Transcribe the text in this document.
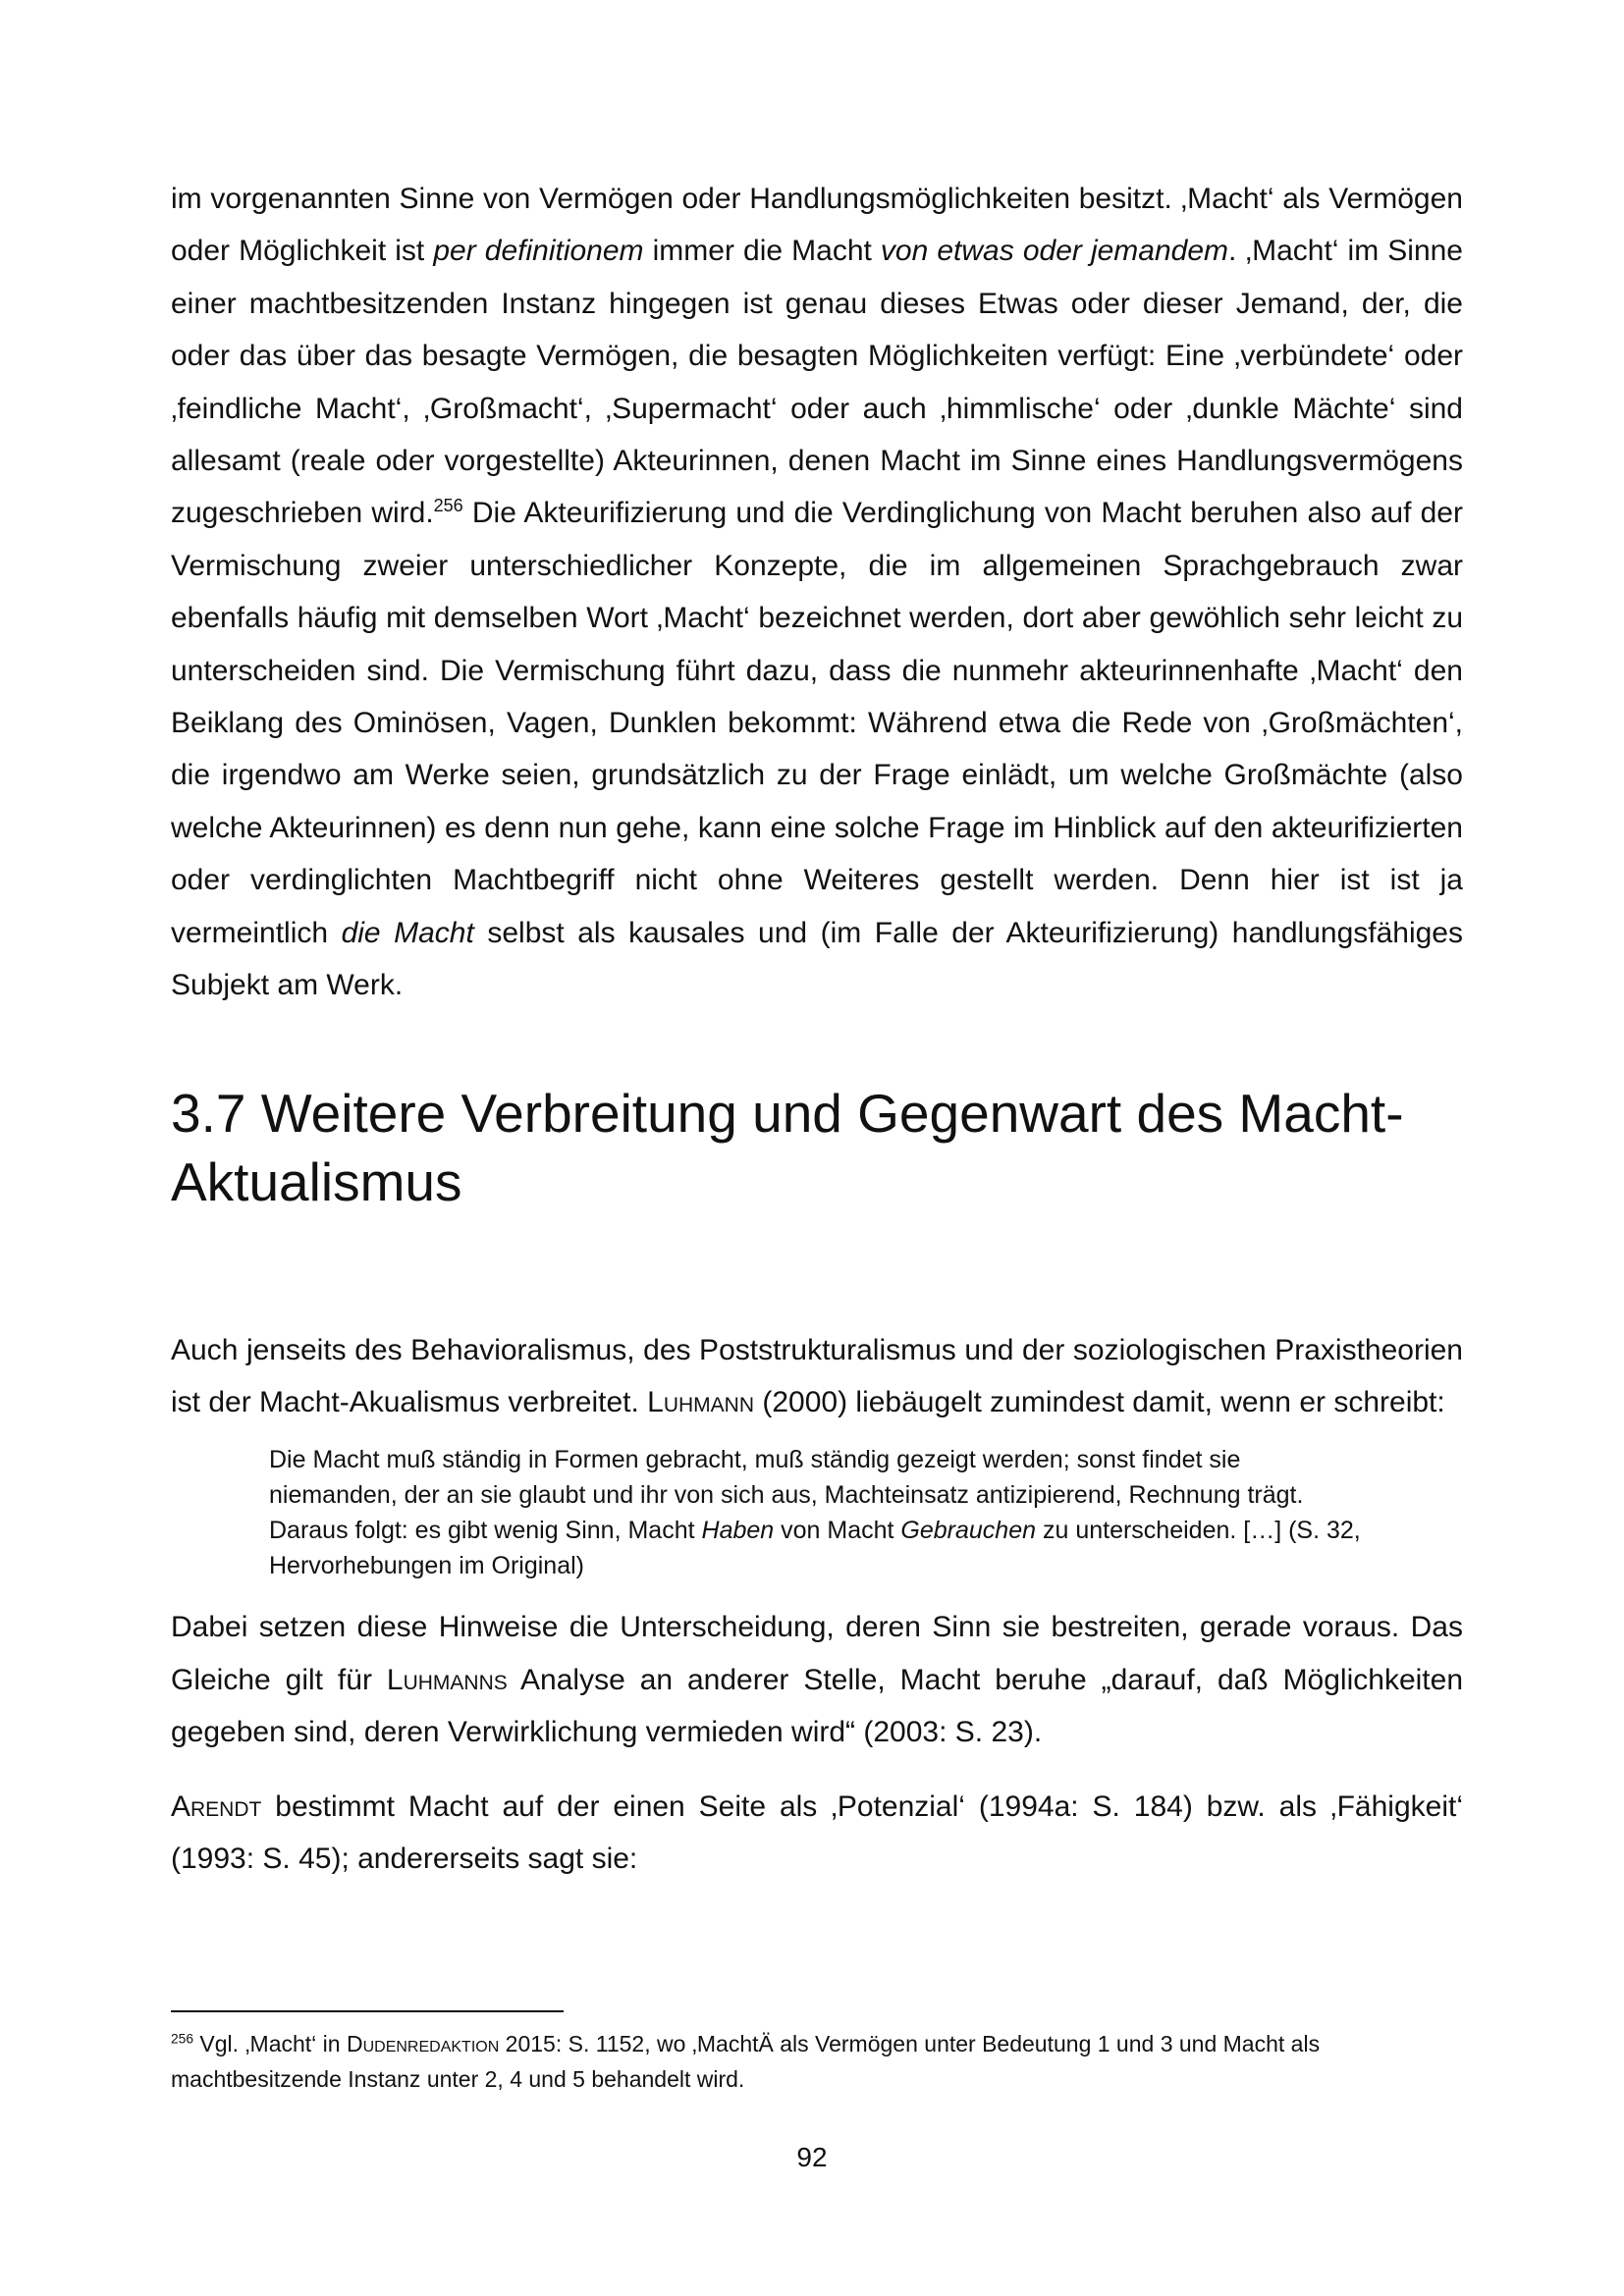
im vorgenannten Sinne von Vermögen oder Handlungsmöglichkeiten besitzt. ‚Macht‘ als Vermögen oder Möglichkeit ist per definitionem immer die Macht von etwas oder jemandem. ‚Macht‘ im Sinne einer machtbesitzenden Instanz hingegen ist genau dieses Etwas oder dieser Jemand, der, die oder das über das besagte Vermögen, die besagten Möglichkeiten verfügt: Eine ‚verbündete‘ oder ‚feindliche Macht‘, ‚Großmacht‘, ‚Supermacht‘ oder auch ‚himmlische‘ oder ‚dunkle Mächte‘ sind allesamt (reale oder vorgestellte) Akteurinnen, denen Macht im Sinne eines Handlungsvermögens zugeschrieben wird.$^{256}$ Die Akteurifizierung und die Verdinglichung von Macht beruhen also auf der Vermischung zweier unterschiedlicher Konzepte, die im allgemeinen Sprachgebrauch zwar ebenfalls häufig mit demselben Wort ‚Macht‘ bezeichnet werden, dort aber gewöhlich sehr leicht zu unterscheiden sind. Die Vermischung führt dazu, dass die nunmehr akteurinnenhafte ‚Macht‘ den Beiklang des Ominösen, Vagen, Dunklen bekommt: Während etwa die Rede von ‚Großmächten‘, die irgendwo am Werke seien, grundsätzlich zu der Frage einlädt, um welche Großmächte (also welche Akteurinnen) es denn nun gehe, kann eine solche Frage im Hinblick auf den akteurifizierten oder verdinglichten Machtbegriff nicht ohne Weiteres gestellt werden. Denn hier ist ist ja vermeintlich die Macht selbst als kausales und (im Falle der Akteurifizierung) handlungsfähiges Subjekt am Werk.

3.7 Weitere Verbreitung und Gegenwart des Macht-Aktualismus

Auch jenseits des Behavioralismus, des Poststrukturalismus und der soziologischen Praxistheorien ist der Macht-Akualismus verbreitet. Luhmann (2000) liebäugelt zumindest damit, wenn er schreibt:

Die Macht muß ständig in Formen gebracht, muß ständig gezeigt werden; sonst findet sie niemanden, der an sie glaubt und ihr von sich aus, Machteinsatz antizipierend, Rechnung trägt. Daraus folgt: es gibt wenig Sinn, Macht Haben von Macht Gebrauchen zu unterscheiden. […] (S. 32, Hervorhebungen im Original)

Dabei setzen diese Hinweise die Unterscheidung, deren Sinn sie bestreiten, gerade voraus. Das Gleiche gilt für Luhmanns Analyse an anderer Stelle, Macht beruhe „darauf, daß Möglichkeiten gegeben sind, deren Verwirklichung vermieden wird“ (2003: S. 23).

Arendt bestimmt Macht auf der einen Seite als ‚Potenzial‘ (1994a: S. 184) bzw. als ‚Fähigkeit‘ (1993: S. 45); andererseits sagt sie:

$^{256}$ Vgl. ‚Macht‘ in Dudenredaktion 2015: S. 1152, wo ‚MachtÄ als Vermögen unter Bedeutung 1 und 3 und Macht als machtbesitzende Instanz unter 2, 4 und 5 behandelt wird.

92
